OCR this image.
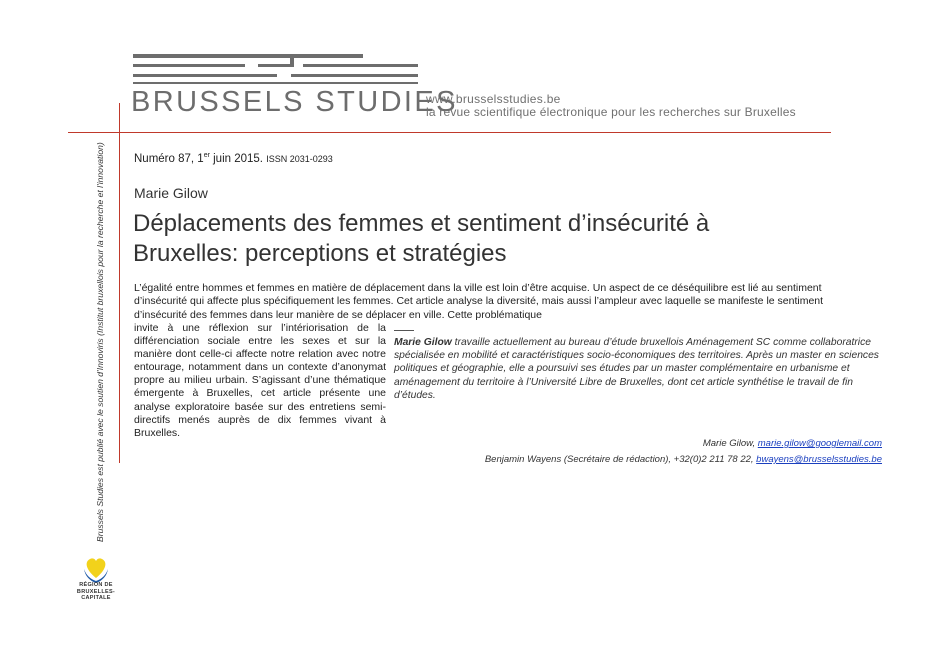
BRUSSELS STUDIES
www.brusselsstudies.be
la revue scientifique électronique pour les recherches sur Bruxelles
Brussels Studies est publié avec le soutien d'Innoviris (Institut bruxellois pour la recherche et l'innovation)
RÉGION DE
BRUXELLES-
CAPITALE
Numéro 87, 1er juin 2015. ISSN 2031-0293
Marie Gilow
Déplacements des femmes et sentiment d’insécurité à Bruxelles: perceptions et stratégies

L’égalité entre hommes et femmes en matière de déplacement dans la ville est loin d’être acquise. Un aspect de ce déséquilibre est lié au sentiment d’insécurité qui affecte plus spécifiquement les femmes. Cet article analyse la diversité, mais aussi l’ampleur avec laquelle se manifeste le sentiment d’insécurité des femmes dans leur manière de se déplacer en ville. Cette problématique

invite à une réflexion sur l’intériorisation de la différenciation sociale entre les sexes et sur la manière dont celle-ci affecte notre relation avec notre entourage, notamment dans un contexte d’anonymat propre au milieu urbain. S’agissant d’une thématique émergente à Bruxelles, cet article présente une analyse exploratoire basée sur des entretiens semi-directifs menés auprès de dix femmes vivant à Bruxelles.

Marie Gilow travaille actuellement au bureau d’étude bruxellois Aménagement SC comme collaboratrice spécialisée en mobilité et caractéristiques socio-économiques des territoires. Après un master en sciences politiques et géographie, elle a poursuivi ses études par un master complémentaire en urbanisme et aménagement du territoire à l’Université Libre de Bruxelles, dont cet article synthétise le travail de fin d’études.

Marie Gilow, marie.gilow@googlemail.com
Benjamin Wayens (Secrétaire de rédaction), +32(0)2 211 78 22, bwayens@brusselsstudies.be
